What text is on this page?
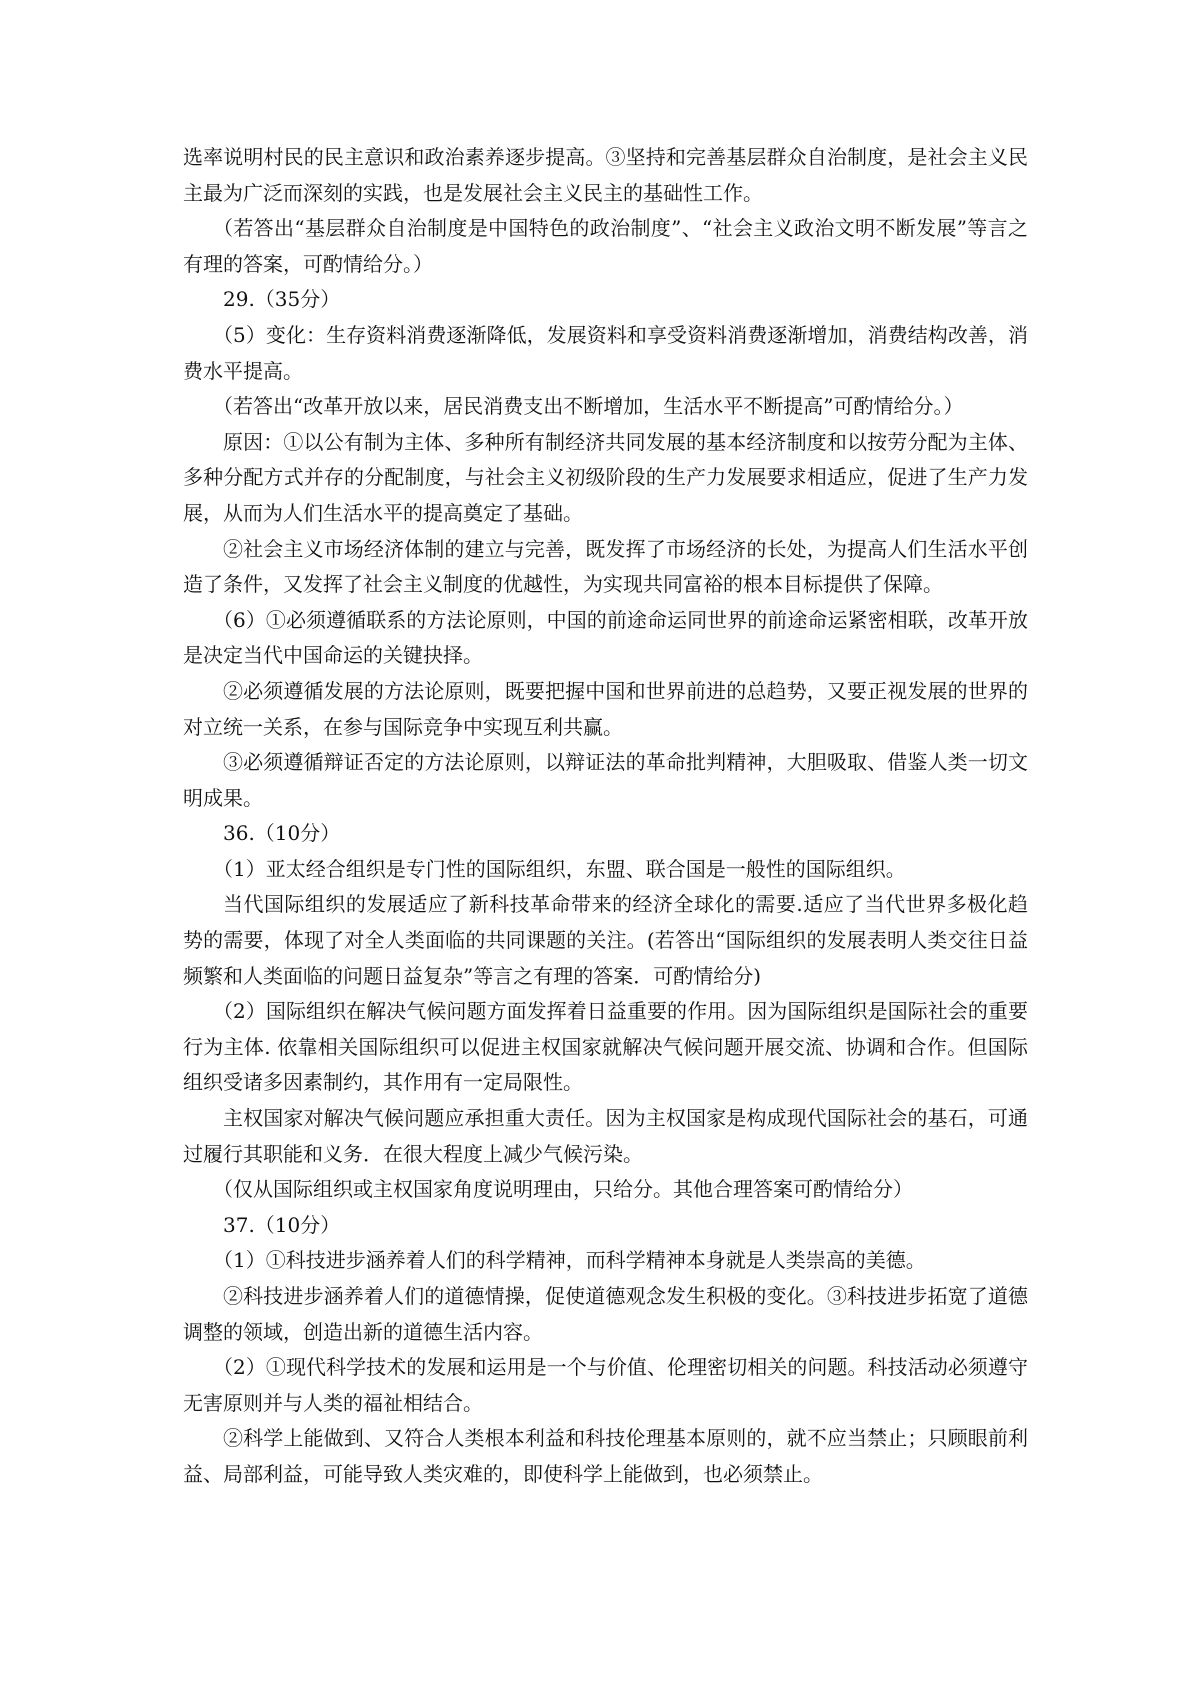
选率说明村民的民主意识和政治素养逐步提高。③坚持和完善基层群众自治制度，是社会主义民主最为广泛而深刻的实践，也是发展社会主义民主的基础性工作。

（若答出“基层群众自治制度是中国特色的政治制度”、“社会主义政治文明不断发展”等言之有理的答案，可酌情给分。）

29.（35分）

（5）变化：生存资料消费逐渐降低，发展资料和享受资料消费逐渐增加，消费结构改善，消费水平提高。

（若答出“改革开放以来，居民消费支出不断增加，生活水平不断提高”可酌情给分。）

原因：①以公有制为主体、多种所有制经济共同发展的基本经济制度和以按劳分配为主体、多种分配方式并存的分配制度，与社会主义初级阶段的生产力发展要求相适应，促进了生产力发展，从而为人们生活水平的提高奠定了基础。

②社会主义市场经济体制的建立与完善，既发挥了市场经济的长处，为提高人们生活水平创造了条件，又发挥了社会主义制度的优越性，为实现共同富裕的根本目标提供了保障。

（6）①必须遵循联系的方法论原则，中国的前途命运同世界的前途命运紧密相联，改革开放是决定当代中国命运的关键抉择。

②必须遵循发展的方法论原则，既要把握中国和世界前进的总趋势，又要正视发展的世界的对立统一关系，在参与国际竞争中实现互利共赢。

③必须遵循辩证否定的方法论原则，以辩证法的革命批判精神，大胆吸取、借鉴人类一切文明成果。

36.（10分）

（1）亚太经合组织是专门性的国际组织，东盟、联合国是一般性的国际组织。

当代国际组织的发展适应了新科技革命带来的经济全球化的需要.适应了当代世界多极化趋势的需要，体现了对全人类面临的共同课题的关注。(若答出“国际组织的发展表明人类交往日益频繁和人类面临的问题日益复杂”等言之有理的答案．可酌情给分)

（2）国际组织在解决气候问题方面发挥着日益重要的作用。因为国际组织是国际社会的重要行为主体. 依靠相关国际组织可以促进主权国家就解决气候问题开展交流、协调和合作。但国际组织受诸多因素制约，其作用有一定局限性。

主权国家对解决气候问题应承担重大责任。因为主权国家是构成现代国际社会的基石，可通过履行其职能和义务．在很大程度上减少气候污染。

（仅从国际组织或主权国家角度说明理由，只给分。其他合理答案可酌情给分）

37.（10分）

（1）①科技进步涵养着人们的科学精神，而科学精神本身就是人类崇高的美德。

②科技进步涵养着人们的道德情操，促使道德观念发生积极的变化。③科技进步拓宽了道德调整的领域，创造出新的道德生活内容。

（2）①现代科学技术的发展和运用是一个与价值、伦理密切相关的问题。科技活动必须遵守无害原则并与人类的福祉相结合。

②科学上能做到、又符合人类根本利益和科技伦理基本原则的，就不应当禁止；只顾眼前利益、局部利益，可能导致人类灾难的，即使科学上能做到，也必须禁止。
